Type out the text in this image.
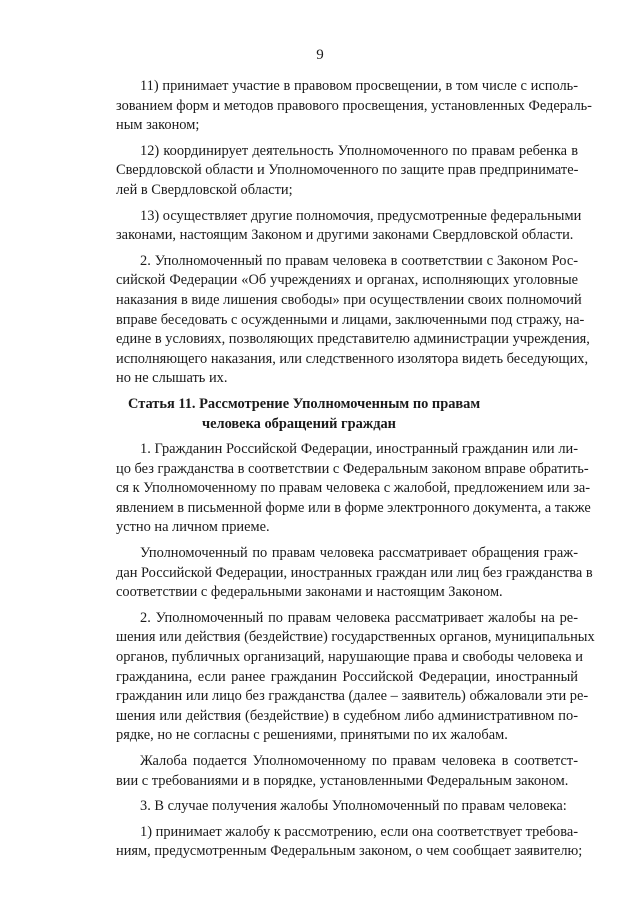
9

11) принимает участие в правовом просвещении, в том числе с исполь-
зованием форм и методов правового просвещения, установленных Федераль-
ным законом;

12) координирует деятельность Уполномоченного по правам ребенка в
Свердловской области и Уполномоченного по защите прав предпринимате-
лей в Свердловской области;

13) осуществляет другие полномочия, предусмотренные федеральными
законами, настоящим Законом и другими законами Свердловской области.

2. Уполномоченный по правам человека в соответствии с Законом Рос-
сийской Федерации «Об учреждениях и органах, исполняющих уголовные
наказания в виде лишения свободы» при осуществлении своих полномочий
вправе беседовать с осужденными и лицами, заключенными под стражу, на-
едине в условиях, позволяющих представителю администрации учреждения,
исполняющего наказания, или следственного изолятора видеть беседующих,
но не слышать их.

Статья 11. Рассмотрение Уполномоченным по правам
человека обращений граждан

1. Гражданин Российской Федерации, иностранный гражданин или ли-
цо без гражданства в соответствии с Федеральным законом вправе обратить-
ся к Уполномоченному по правам человека с жалобой, предложением или за-
явлением в письменной форме или в форме электронного документа, а также
устно на личном приеме.

Уполномоченный по правам человека рассматривает обращения граж-
дан Российской Федерации, иностранных граждан или лиц без гражданства в
соответствии с федеральными законами и настоящим Законом.

2. Уполномоченный по правам человека рассматривает жалобы на ре-
шения или действия (бездействие) государственных органов, муниципальных
органов, публичных организаций, нарушающие права и свободы человека и
гражданина, если ранее гражданин Российской Федерации, иностранный
гражданин или лицо без гражданства (далее – заявитель) обжаловали эти ре-
шения или действия (бездействие) в судебном либо административном по-
рядке, но не согласны с решениями, принятыми по их жалобам.

Жалоба подается Уполномоченному по правам человека в соответст-
вии с требованиями и в порядке, установленными Федеральным законом.

3. В случае получения жалобы Уполномоченный по правам человека:

1) принимает жалобу к рассмотрению, если она соответствует требова-
ниям, предусмотренным Федеральным законом, о чем сообщает заявителю;
